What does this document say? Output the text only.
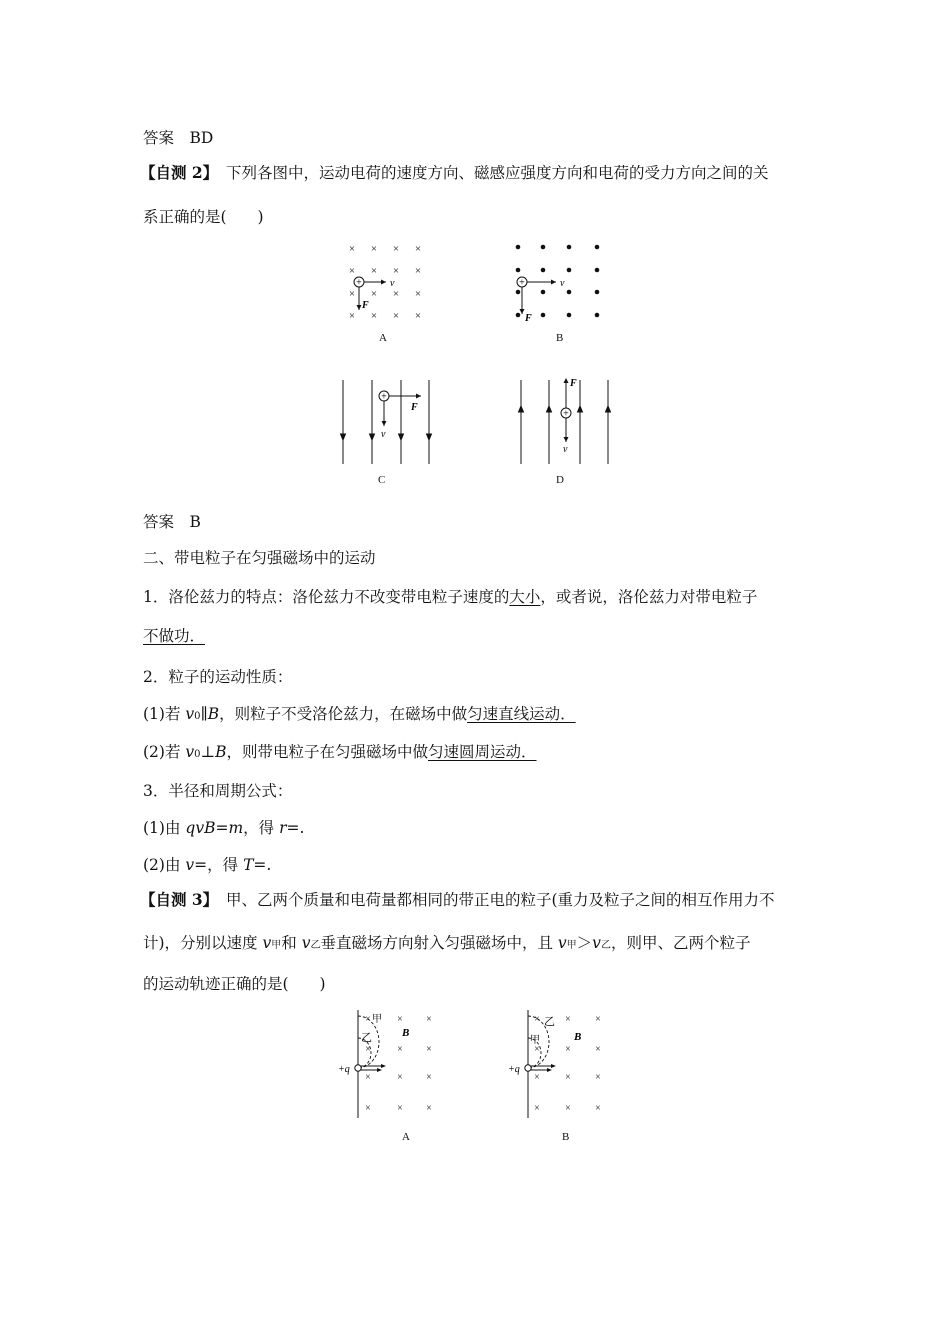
答案　 BD
【自测 2】　 下列各图中，运动电荷的速度方向、磁感应强度方向和电荷的受力方向之间的关
系正确的是(　　)
× × × ×
× × × ×
× × × ×
× × × ×
+	v
F
A
+	v
F
B
+
F
v
C
F
+
v
D
答案　 B
二、带电粒子在匀强磁场中的运动
1．洛伦兹力的特点：洛伦兹力不改变带电粒子速度的大小，或者说，洛伦兹力对带电粒子
不做功．
2．粒子的运动性质：
(1)若 v0∥B，则粒子不受洛伦兹力，在磁场中做匀速直线运动．
(2)若 v0⊥B，则带电粒子在匀强磁场中做匀速圆周运动．
3．半径和周期公式：
(1)由 qvB=m，得 r=.
(2)由 v=，得 T=.
【自测 3】　 甲、乙两个质量和电荷量都相同的带正电的粒子(重力及粒子之间的相互作用力不
计)，分别以速度 v甲和 v乙垂直磁场方向射入匀强磁场中，且 v甲＞v乙，则甲、乙两个粒子
的运动轨迹正确的是(　　)
×	× ×
×	× ×
×	× ×
×	× ×
甲
乙	B
+q
A
×	× ×
×	× ×
×	× ×
×	× ×
乙
甲	B
+q
B
